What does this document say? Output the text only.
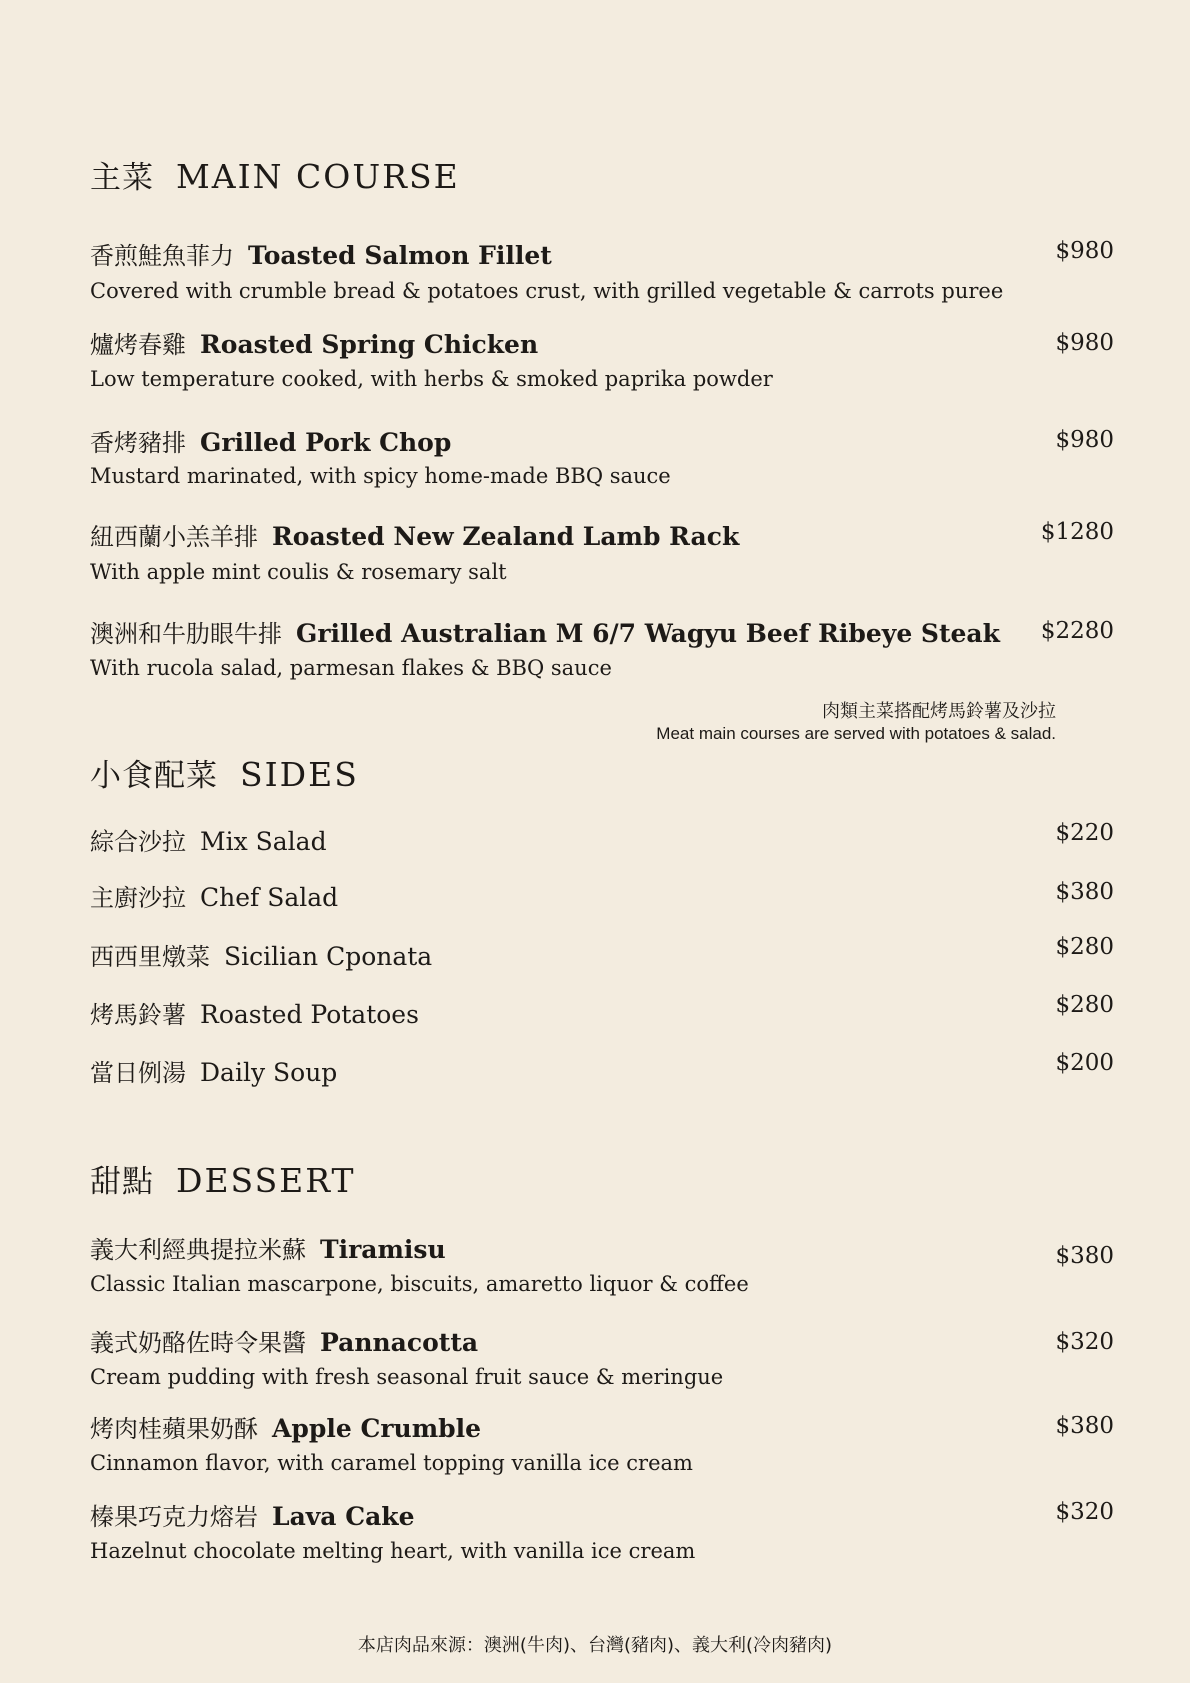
主菜 MAIN COURSE
香煎鮭魚菲力 Toasted Salmon Fillet	$980
Covered with crumble bread & potatoes crust, with grilled vegetable & carrots puree
爐烤春雞 Roasted Spring Chicken	$980
Low temperature cooked, with herbs & smoked paprika powder
香烤豬排 Grilled Pork Chop	$980
Mustard marinated, with spicy home-made BBQ sauce
紐西蘭小羔羊排 Roasted New Zealand Lamb Rack	$1280
With apple mint coulis & rosemary salt
澳洲和牛肋眼牛排 Grilled Australian M 6/7 Wagyu Beef Ribeye Steak $2280
With rucola salad, parmesan flakes & BBQ sauce
肉類主菜搭配烤馬鈴薯及沙拉
Meat main courses are served with potatoes & salad.
小食配菜 SIDES
綜合沙拉 Mix Salad	$220
主廚沙拉 Chef Salad	$380
西西里燉菜 Sicilian Cponata	$280
烤馬鈴薯 Roasted Potatoes	$280
當日例湯 Daily Soup	$200
甜點 DESSERT
義大利經典提拉米蘇 Tiramisu	$380
Classic Italian mascarpone, biscuits, amaretto liquor & coffee
義式奶酪佐時令果醬 Pannacotta	$320
Cream pudding with fresh seasonal fruit sauce & meringue
烤肉桂蘋果奶酥 Apple Crumble	$380
Cinnamon flavor, with caramel topping vanilla ice cream
榛果巧克力熔岩 Lava Cake	$320
Hazelnut chocolate melting heart, with vanilla ice cream
本店肉品來源：澳洲(牛肉)、台灣(豬肉)、義大利(冷肉豬肉)
